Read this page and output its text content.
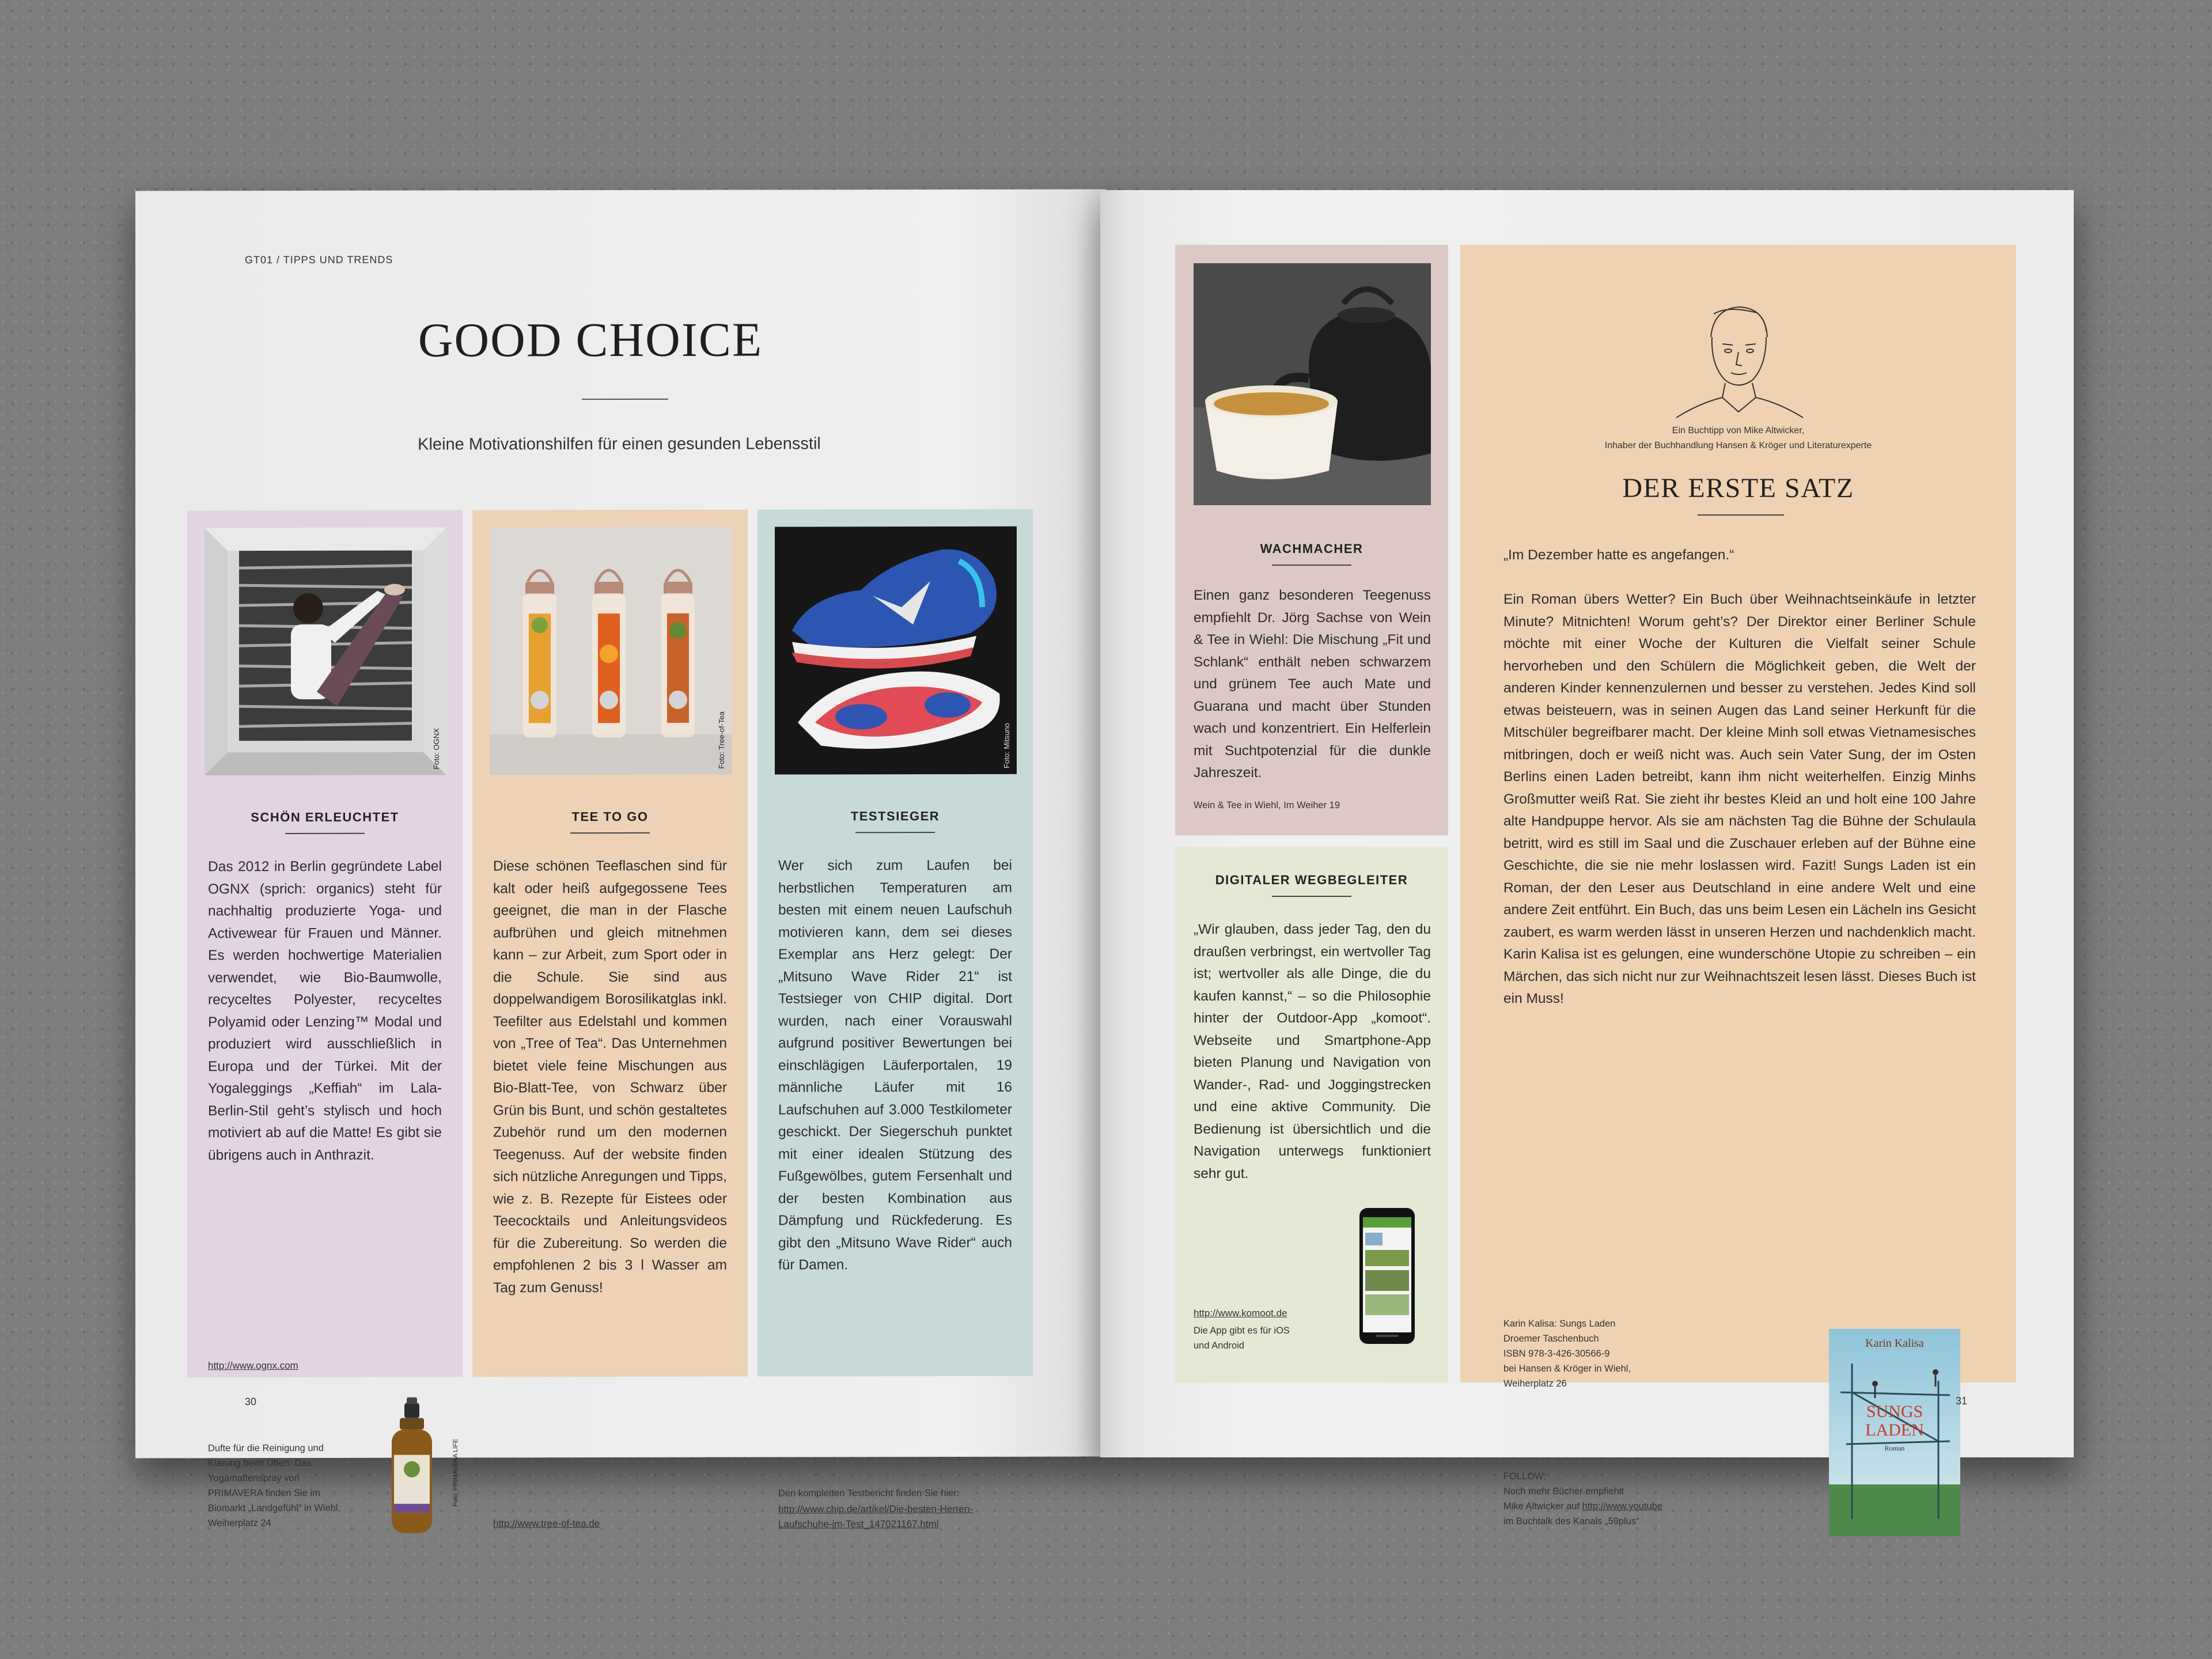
GT01 / TIPPS UND TRENDS
GOOD CHOICE
Kleine Motivationshilfen für einen gesunden Lebensstil
Foto: OGNX
SCHÖN ERLEUCHTET
Das 2012 in Berlin gegründete Label OGNX (sprich: organics) steht für nachhaltig produzierte Yoga- und Activewear für Frauen und Männer. Es werden hochwertige Materialien verwendet, wie Bio-Baumwolle, recyceltes Polyester, recyceltes Polyamid oder Lenzing™ Modal und produziert wird ausschließlich in Europa und der Türkei. Mit der Yogaleggings „Keffiah“ im Lala-Berlin-Stil geht’s stylisch und hoch motiviert ab auf die Matte! Es gibt sie übrigens auch in Anthrazit.
http://www.ognx.com
Dufte für die Reinigung und Klärung beim Üben: Das Yogamattenspray von PRIMAVERA finden Sie im Biomarkt „Landgefühl“ in Wiehl, Weiherplatz 24
Foto: PRIMAVERA LIFE
Foto: Tree-of-Tea
TEE TO GO
Diese schönen Teeflaschen sind für kalt oder heiß aufgegossene Tees geeignet, die man in der Flasche aufbrühen und gleich mitnehmen kann – zur Arbeit, zum Sport oder in die Schule. Sie sind aus doppelwandigem Borosilikatglas inkl. Teefilter aus Edelstahl und kommen von „Tree of Tea“. Das Unternehmen bietet viele feine Mischungen aus Bio-Blatt-Tee, von Schwarz über Grün bis Bunt, und schön gestaltetes Zubehör rund um den modernen Teegenuss. Auf der website finden sich nützliche Anregungen und Tipps, wie z. B. Rezepte für Eistees oder Teecocktails und Anleitungsvideos für die Zubereitung. So werden die empfohlenen 2 bis 3 l Wasser am Tag zum Genuss!
http://www.tree-of-tea.de
Foto: Mitsuno
TESTSIEGER
Wer sich zum Laufen bei herbstlichen Temperaturen am besten mit einem neuen Laufschuh motivieren kann, dem sei dieses Exemplar ans Herz gelegt: Der „Mitsuno Wave Rider 21“ ist Testsieger von CHIP digital. Dort wurden, nach einer Vorauswahl aufgrund positiver Bewertungen bei einschlägigen Läuferportalen, 19 männliche Läufer mit 16 Laufschuhen auf 3.000 Testkilometer geschickt. Der Siegerschuh punktet mit einer idealen Stützung des Fußgewölbes, gutem Fersenhalt und der besten Kombination aus Dämpfung und Rückfederung. Es gibt den „Mitsuno Wave Rider“ auch für Damen.
Den kompletten Testbericht finden Sie hier:
http://www.chip.de/artikel/Die-besten-Herren-Laufschuhe-im-Test_147021167.html
30
WACHMACHER
Einen ganz besonderen Teegenuss empfiehlt Dr. Jörg Sachse von Wein & Tee in Wiehl: Die Mischung „Fit und Schlank“ enthält neben schwarzem und grünem Tee auch Mate und Guarana und macht über Stunden wach und konzentriert. Ein Helferlein mit Suchtpotenzial für die dunkle Jahreszeit.
Wein & Tee in Wiehl, Im Weiher 19
DIGITALER WEGBEGLEITER
„Wir glauben, dass jeder Tag, den du draußen verbringst, ein wertvoller Tag ist; wertvoller als alle Dinge, die du kaufen kannst,“ – so die Philosophie hinter der Outdoor-App „komoot“. Webseite und Smartphone-App bieten Planung und Navigation von Wander-, Rad- und Joggingstrecken und eine aktive Community. Die Bedienung ist übersichtlich und die Navigation unterwegs funktioniert sehr gut.
http://www.komoot.de
Die App gibt es für iOS und Android
Ein Buchtipp von Mike Altwicker,
Inhaber der Buchhandlung Hansen & Kröger und Literaturexperte
DER ERSTE SATZ
„Im Dezember hatte es angefangen.“
Ein Roman übers Wetter? Ein Buch über Weihnachtseinkäufe in letzter Minute? Mitnichten! Worum geht’s? Der Direktor einer Berliner Schule möchte mit einer Woche der Kulturen die Vielfalt seiner Schule hervorheben und den Schülern die Möglichkeit geben, die Welt der anderen Kinder kennenzulernen und besser zu verstehen. Jedes Kind soll etwas beisteuern, was in seinen Augen das Land seiner Herkunft für die Mitschüler begreifbarer macht. Der kleine Minh soll etwas Vietnamesisches mitbringen, doch er weiß nicht was. Auch sein Vater Sung, der im Osten Berlins einen Laden betreibt, kann ihm nicht weiterhelfen. Einzig Minhs Großmutter weiß Rat. Sie zieht ihr bestes Kleid an und holt eine 100 Jahre alte Handpuppe hervor. Als sie am nächsten Tag die Bühne der Schulaula betritt, wird es still im Saal und die Zuschauer erleben auf der Bühne eine Geschichte, die sie nie mehr loslassen wird. Fazit! Sungs Laden ist ein Roman, der den Leser aus Deutschland in eine andere Welt und eine andere Zeit entführt. Ein Buch, das uns beim Lesen ein Lächeln ins Gesicht zaubert, es warm werden lässt in unseren Herzen und nachdenklich macht. Karin Kalisa ist es gelungen, eine wunderschöne Utopie zu schreiben – ein Märchen, das sich nicht nur zur Weihnachtszeit lesen lässt. Dieses Buch ist ein Muss!
Karin Kalisa: Sungs Laden
Droemer Taschenbuch
ISBN 978-3-426-30566-9
bei Hansen & Kröger in Wiehl,
Weiherplatz 26
FOLLOW:
Noch mehr Bücher empfiehlt
Mike Altwicker auf http://www.youtube
im Buchtalk des Kanals „59plus“
Karin Kalisa
SUNGS
LADEN
Roman
31
